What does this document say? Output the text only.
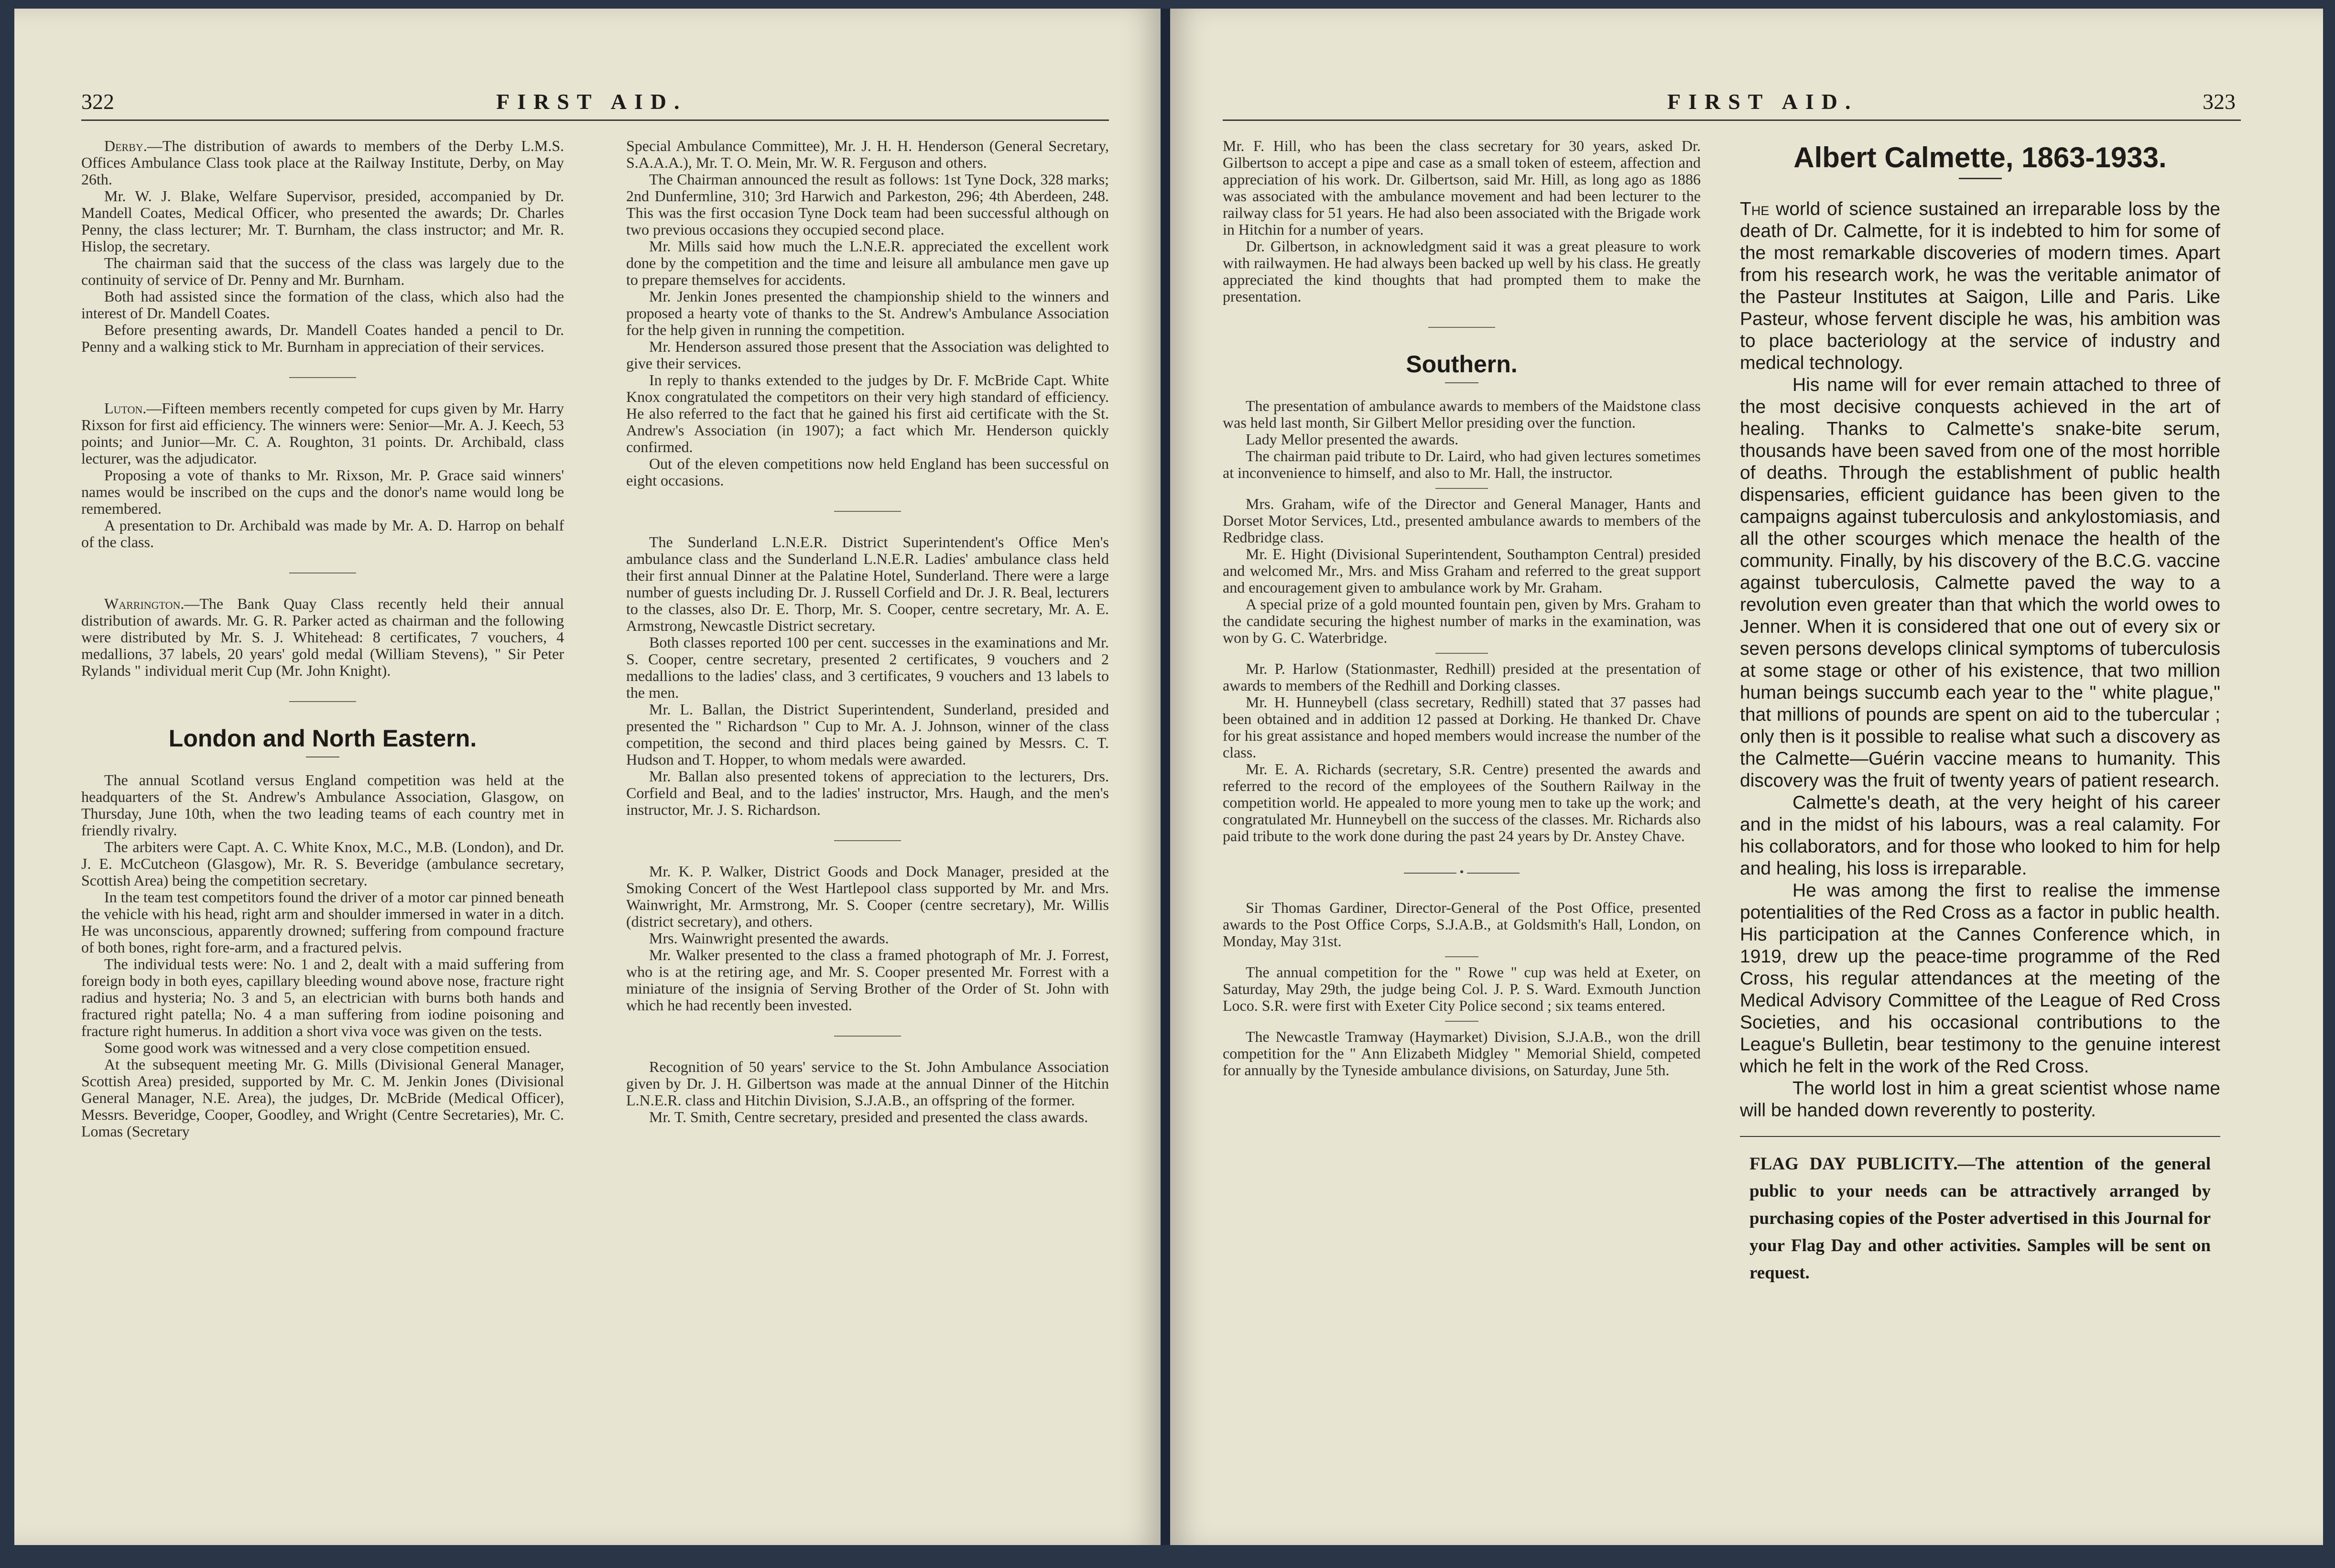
322	FIRST AID.

Derby.—The distribution of awards to members of the Derby L.M.S. Offices Ambulance Class took place at the Railway Institute, Derby, on May 26th.

Mr. W. J. Blake, Welfare Supervisor, presided, accompanied by Dr. Mandell Coates, Medical Officer, who presented the awards; Dr. Charles Penny, the class lecturer; Mr. T. Burnham, the class instructor; and Mr. R. Hislop, the secretary.

The chairman said that the success of the class was largely due to the continuity of service of Dr. Penny and Mr. Burnham.

Both had assisted since the formation of the class, which also had the interest of Dr. Mandell Coates.

Before presenting awards, Dr. Mandell Coates handed a pencil to Dr. Penny and a walking stick to Mr. Burnham in appreciation of their services.

Luton.—Fifteen members recently competed for cups given by Mr. Harry Rixson for first aid efficiency. The winners were: Senior—Mr. A. J. Keech, 53 points; and Junior—Mr. C. A. Roughton, 31 points. Dr. Archibald, class lecturer, was the adjudicator.

Proposing a vote of thanks to Mr. Rixson, Mr. P. Grace said winners' names would be inscribed on the cups and the donor's name would long be remembered.

A presentation to Dr. Archibald was made by Mr. A. D. Harrop on behalf of the class.

Warrington.—The Bank Quay Class recently held their annual distribution of awards. Mr. G. R. Parker acted as chairman and the following were distributed by Mr. S. J. Whitehead: 8 certificates, 7 vouchers, 4 medallions, 37 labels, 20 years' gold medal (William Stevens), " Sir Peter Rylands " individual merit Cup (Mr. John Knight).

London and North Eastern.

The annual Scotland versus England competition was held at the headquarters of the St. Andrew's Ambulance Association, Glasgow, on Thursday, June 10th, when the two leading teams of each country met in friendly rivalry.

The arbiters were Capt. A. C. White Knox, M.C., M.B. (London), and Dr. J. E. McCutcheon (Glasgow), Mr. R. S. Beveridge (ambulance secretary, Scottish Area) being the competition secretary.

In the team test competitors found the driver of a motor car pinned beneath the vehicle with his head, right arm and shoulder immersed in water in a ditch. He was unconscious, apparently drowned; suffering from compound fracture of both bones, right fore-arm, and a fractured pelvis.

The individual tests were: No. 1 and 2, dealt with a maid suffering from foreign body in both eyes, capillary bleeding wound above nose, fracture right radius and hysteria; No. 3 and 5, an electrician with burns both hands and fractured right patella; No. 4 a man suffering from iodine poisoning and fracture right humerus. In addition a short viva voce was given on the tests.

Some good work was witnessed and a very close competition ensued.

At the subsequent meeting Mr. G. Mills (Divisional General Manager, Scottish Area) presided, supported by Mr. C. M. Jenkin Jones (Divisional General Manager, N.E. Area), the judges, Dr. McBride (Medical Officer), Messrs. Beveridge, Cooper, Goodley, and Wright (Centre Secretaries), Mr. C. Lomas (Secretary

Special Ambulance Committee), Mr. J. H. H. Henderson (General Secretary, S.A.A.A.), Mr. T. O. Mein, Mr. W. R. Ferguson and others.

The Chairman announced the result as follows: 1st Tyne Dock, 328 marks; 2nd Dunfermline, 310; 3rd Harwich and Parkeston, 296; 4th Aberdeen, 248. This was the first occasion Tyne Dock team had been successful although on two previous occasions they occupied second place.

Mr. Mills said how much the L.N.E.R. appreciated the excellent work done by the competition and the time and leisure all ambulance men gave up to prepare themselves for accidents.

Mr. Jenkin Jones presented the championship shield to the winners and proposed a hearty vote of thanks to the St. Andrew's Ambulance Association for the help given in running the competition.

Mr. Henderson assured those present that the Association was delighted to give their services.

In reply to thanks extended to the judges by Dr. F. McBride Capt. White Knox congratulated the competitors on their very high standard of efficiency. He also referred to the fact that he gained his first aid certificate with the St. Andrew's Association (in 1907); a fact which Mr. Henderson quickly confirmed.

Out of the eleven competitions now held England has been successful on eight occasions.

The Sunderland L.N.E.R. District Superintendent's Office Men's ambulance class and the Sunderland L.N.E.R. Ladies' ambulance class held their first annual Dinner at the Palatine Hotel, Sunderland. There were a large number of guests including Dr. J. Russell Corfield and Dr. J. R. Beal, lecturers to the classes, also Dr. E. Thorp, Mr. S. Cooper, centre secretary, Mr. A. E. Armstrong, Newcastle District secretary.

Both classes reported 100 per cent. successes in the examinations and Mr. S. Cooper, centre secretary, presented 2 certificates, 9 vouchers and 2 medallions to the ladies' class, and 3 certificates, 9 vouchers and 13 labels to the men.

Mr. L. Ballan, the District Superintendent, Sunderland, presided and presented the " Richardson " Cup to Mr. A. J. Johnson, winner of the class competition, the second and third places being gained by Messrs. C. T. Hudson and T. Hopper, to whom medals were awarded.

Mr. Ballan also presented tokens of appreciation to the lecturers, Drs. Corfield and Beal, and to the ladies' instructor, Mrs. Haugh, and the men's instructor, Mr. J. S. Richardson.

Mr. K. P. Walker, District Goods and Dock Manager, presided at the Smoking Concert of the West Hartlepool class supported by Mr. and Mrs. Wainwright, Mr. Armstrong, Mr. S. Cooper (centre secretary), Mr. Willis (district secretary), and others.

Mrs. Wainwright presented the awards.

Mr. Walker presented to the class a framed photograph of Mr. J. Forrest, who is at the retiring age, and Mr. S. Cooper presented Mr. Forrest with a miniature of the insignia of Serving Brother of the Order of St. John with which he had recently been invested.

Recognition of 50 years' service to the St. John Ambulance Association given by Dr. J. H. Gilbertson was made at the annual Dinner of the Hitchin L.N.E.R. class and Hitchin Division, S.J.A.B., an offspring of the former.

Mr. T. Smith, Centre secretary, presided and presented the class awards.

FIRST AID.	323

Mr. F. Hill, who has been the class secretary for 30 years, asked Dr. Gilbertson to accept a pipe and case as a small token of esteem, affection and appreciation of his work. Dr. Gilbertson, said Mr. Hill, as long ago as 1886 was associated with the ambulance movement and had been lecturer to the railway class for 51 years. He had also been associated with the Brigade work in Hitchin for a number of years.

Dr. Gilbertson, in acknowledgment said it was a great pleasure to work with railwaymen. He had always been backed up well by his class. He greatly appreciated the kind thoughts that had prompted them to make the presentation.

Southern.

The presentation of ambulance awards to members of the Maidstone class was held last month, Sir Gilbert Mellor presiding over the function.

Lady Mellor presented the awards.

The chairman paid tribute to Dr. Laird, who had given lectures sometimes at inconvenience to himself, and also to Mr. Hall, the instructor.

Mrs. Graham, wife of the Director and General Manager, Hants and Dorset Motor Services, Ltd., presented ambulance awards to members of the Redbridge class.

Mr. E. Hight (Divisional Superintendent, Southampton Central) presided and welcomed Mr., Mrs. and Miss Graham and referred to the great support and encouragement given to ambulance work by Mr. Graham.

A special prize of a gold mounted fountain pen, given by Mrs. Graham to the candidate securing the highest number of marks in the examination, was won by G. C. Waterbridge.

Mr. P. Harlow (Stationmaster, Redhill) presided at the presentation of awards to members of the Redhill and Dorking classes.

Mr. H. Hunneybell (class secretary, Redhill) stated that 37 passes had been obtained and in addition 12 passed at Dorking. He thanked Dr. Chave for his great assistance and hoped members would increase the number of the class.

Mr. E. A. Richards (secretary, S.R. Centre) presented the awards and referred to the record of the employees of the Southern Railway in the competition world. He appealed to more young men to take up the work; and congratulated Mr. Hunneybell on the success of the classes. Mr. Richards also paid tribute to the work done during the past 24 years by Dr. Anstey Chave.

•

Sir Thomas Gardiner, Director-General of the Post Office, presented awards to the Post Office Corps, S.J.A.B., at Goldsmith's Hall, London, on Monday, May 31st.

The annual competition for the " Rowe " cup was held at Exeter, on Saturday, May 29th, the judge being Col. J. P. S. Ward. Exmouth Junction Loco. S.R. were first with Exeter City Police second ; six teams entered.

The Newcastle Tramway (Haymarket) Division, S.J.A.B., won the drill competition for the " Ann Elizabeth Midgley " Memorial Shield, competed for annually by the Tyneside ambulance divisions, on Saturday, June 5th.

Albert Calmette, 1863-1933.

The world of science sustained an irreparable loss by the death of Dr. Calmette, for it is indebted to him for some of the most remarkable discoveries of modern times. Apart from his research work, he was the veritable animator of the Pasteur Institutes at Saigon, Lille and Paris. Like Pasteur, whose fervent disciple he was, his ambition was to place bacteriology at the service of industry and medical technology.

His name will for ever remain attached to three of the most decisive conquests achieved in the art of healing. Thanks to Calmette's snake-bite serum, thousands have been saved from one of the most horrible of deaths. Through the establishment of public health dispensaries, efficient guidance has been given to the campaigns against tuberculosis and ankylostomiasis, and all the other scourges which menace the health of the community. Finally, by his discovery of the B.C.G. vaccine against tuberculosis, Calmette paved the way to a revolution even greater than that which the world owes to Jenner. When it is considered that one out of every six or seven persons develops clinical symptoms of tuberculosis at some stage or other of his existence, that two million human beings succumb each year to the " white plague," that millions of pounds are spent on aid to the tubercular ; only then is it possible to realise what such a discovery as the Calmette—Guérin vaccine means to humanity. This discovery was the fruit of twenty years of patient research.

Calmette's death, at the very height of his career and in the midst of his labours, was a real calamity. For his collaborators, and for those who looked to him for help and healing, his loss is irreparable.

He was among the first to realise the immense potentialities of the Red Cross as a factor in public health. His participation at the Cannes Conference which, in 1919, drew up the peace-time programme of the Red Cross, his regular attendances at the meeting of the Medical Advisory Committee of the League of Red Cross Societies, and his occasional contributions to the League's Bulletin, bear testimony to the genuine interest which he felt in the work of the Red Cross.

The world lost in him a great scientist whose name will be handed down reverently to posterity.

FLAG DAY PUBLICITY.—The attention of the general public to your needs can be attractively arranged by purchasing copies of the Poster advertised in this Journal for your Flag Day and other activities. Samples will be sent on request.
